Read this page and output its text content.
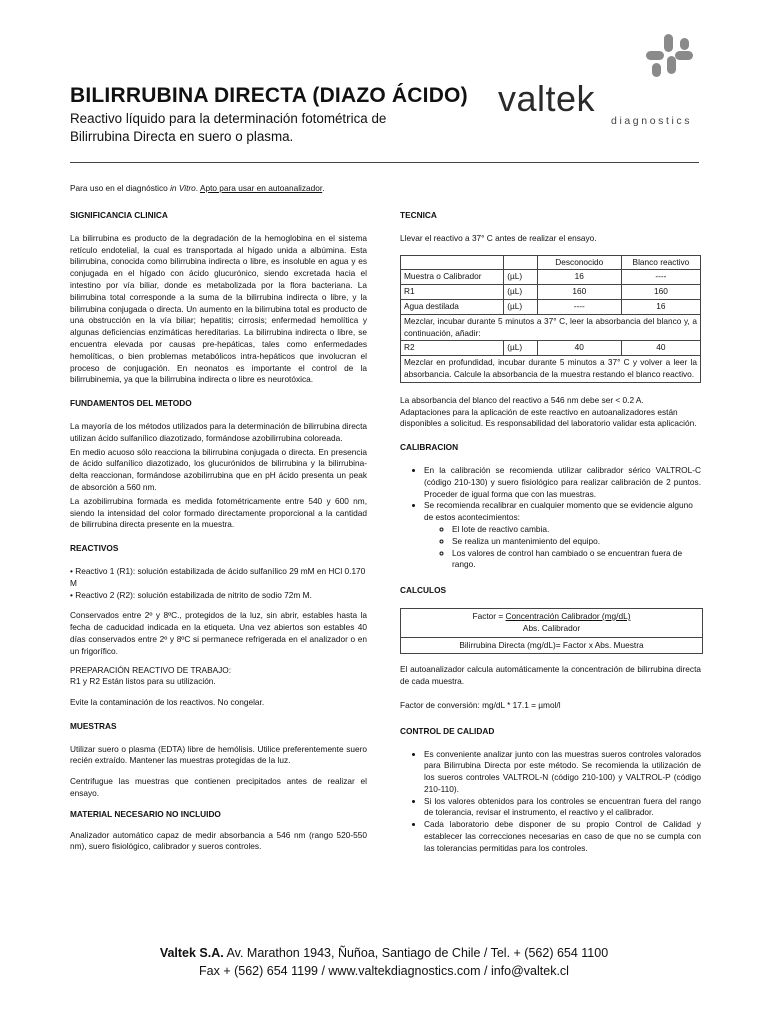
BILIRRUBINA DIRECTA (DIAZO ÁCIDO)
Reactivo líquido para la determinación fotométrica de Bilirrubina Directa en suero o plasma.
valtek
diagnostics
Para uso en el diagnóstico in Vitro. Apto para usar en autoanalizador.
SIGNIFICANCIA CLINICA

La bilirrubina es producto de la degradación de la hemoglobina en el sistema retículo endotelial, la cual es transportada al hígado unida a albúmina. Esta bilirrubina, conocida como bilirrubina indirecta o libre, es insoluble en agua y es conjugada en el hígado con ácido glucurónico, siendo excretada hacia el intestino por vía biliar, donde es metabolizada por la flora bacteriana. La bilirrubina total corresponde a la suma de la bilirrubina indirecta o libre, y la bilirrubina conjugada o directa. Un aumento en la bilirrubina total es producto de una obstrucción en la vía biliar; hepatitis; cirrosis; enfermedad hemolítica y algunas deficiencias enzimáticas hereditarias. La bilirrubina indirecta o libre, se encuentra elevada por causas pre-hepáticas, tales como enfermedades hemolíticas, o bien problemas metabólicos intra-hepáticos que involucran el proceso de conjugación. En neonatos es importante el control de la bilirrubinemia, ya que la bilirrubina indirecta o libre es neurotóxica.

FUNDAMENTOS DEL METODO

La mayoría de los métodos utilizados para la determinación de bilirrubina directa utilizan ácido sulfanílico diazotizado, formándose azobilirrubina coloreada.

En medio acuoso sólo reacciona la bilirrubina conjugada o directa. En presencia de ácido sulfanílico diazotizado, los glucurónidos de bilirrubina y la bilirrubina-delta reaccionan, formándose azobilirrubina que en pH ácido presenta un peak de absorción a 560 nm.

La azobilirrubina formada es medida fotométricamente entre 540 y 600 nm, siendo la intensidad del color formado directamente proporcional a la cantidad de bilirrubina directa presente en la muestra.

REACTIVOS

• Reactivo 1 (R1): solución estabilizada de ácido sulfanílico 29 mM en HCl 0.170 M

• Reactivo 2 (R2): solución estabilizada de nitrito de sodio 72m M.

Conservados entre 2º y 8ºC., protegidos de la luz, sin abrir, estables hasta la fecha de caducidad indicada en la etiqueta. Una vez abiertos son estables 40 días conservados entre 2º y 8ºC si permanece refrigerada en el analizador o en un frigorífico.

PREPARACIÓN REACTIVO DE TRABAJO:

R1 y R2 Están listos para su utilización.

Evite la contaminación de los reactivos. No congelar.

MUESTRAS

Utilizar suero o plasma (EDTA) libre de hemólisis. Utilice preferentemente suero recién extraído. Mantener las muestras protegidas de la luz.

Centrifugue las muestras que contienen precipitados antes de realizar el ensayo.

MATERIAL NECESARIO NO INCLUIDO

Analizador automático capaz de medir absorbancia a 546 nm (rango 520-550 nm), suero fisiológico, calibrador y sueros controles.

TECNICA

Llevar el reactivo a 37° C antes de realizar el ensayo.

		Desconocido	Blanco reactivo
Muestra o Calibrador	(µL)	16	----
R1	(µL)	160	160
Agua destilada	(µL)	----	16
Mezclar, incubar durante 5 minutos a 37° C, leer la absorbancia del blanco y, a continuación, añadir:			
R2	(µL)	40	40
Mezclar en profundidad, incubar durante 5 minutos a 37° C y volver a leer la absorbancia. Calcule la absorbancia de la muestra restando el blanco reactivo.			

La absorbancia del blanco del reactivo a 546 nm debe ser < 0.2 A.

Adaptaciones para la aplicación de este reactivo en autoanalizadores están disponibles a solicitud. Es responsabilidad del laboratorio validar esta aplicación.

CALIBRACION
• En la calibración se recomienda utilizar calibrador sérico VALTROL-C (código 210-130) y suero fisiológico para realizar calibración de 2 puntos. Proceder de igual forma que con las muestras.
• Se recomienda recalibrar en cualquier momento que se evidencie alguno de estos acontecimientos:
◦ El lote de reactivo cambia.
◦ Se realiza un mantenimiento del equipo.
◦ Los valores de control han cambiado o se encuentran fuera de rango.
CALCULOS
Factor = Concentración Calibrador (mg/dL)
Abs. Calibrador
Bilirrubina Directa (mg/dL)= Factor x Abs. Muestra

El autoanalizador calcula automáticamente la concentración de bilirrubina directa de cada muestra.

Factor de conversión: mg/dL * 17.1 = µmol/l

CONTROL DE CALIDAD
• Es conveniente analizar junto con las muestras sueros controles valorados para Bilirrubina Directa por este método. Se recomienda la utilización de los sueros controles VALTROL-N (código 210-100) y VALTROL-P (código 210-110).
• Si los valores obtenidos para los controles se encuentran fuera del rango de tolerancia, revisar el instrumento, el reactivo y el calibrador.
• Cada laboratorio debe disponer de su propio Control de Calidad y establecer las correcciones necesarias en caso de que no se cumpla con las tolerancias permitidas para los controles.
Valtek S.A. Av. Marathon 1943, Ñuñoa, Santiago de Chile / Tel. + (562) 654 1100
Fax + (562) 654 1199 / www.valtekdiagnostics.com / info@valtek.cl
